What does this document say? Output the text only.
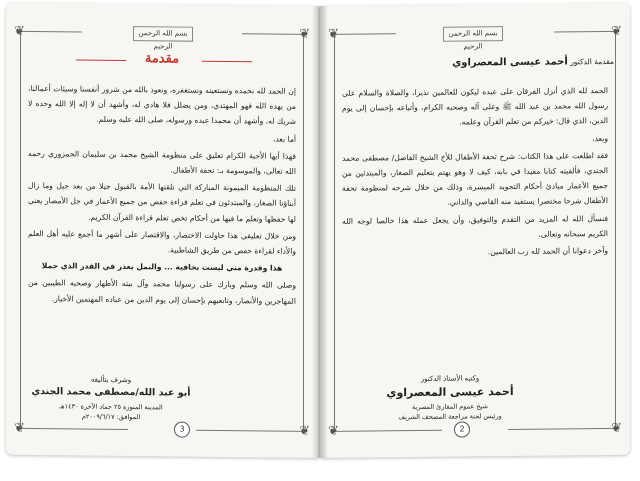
❦	❦
❦	❦
بسم الله الرحمن الرحيم
مقدمة

إن الحمد لله نحمده ونستعينه ونستغفره، ونعوذ بالله من شرور أنفسنا وسيئات أعمالنا، من يهده الله فهو المهتدي، ومن يضلل فلا هادي له، وأشهد أن لا إله إلا الله وحده لا شريك له، وأشهد أن محمدا عبده ورسوله، صلى الله عليه وسلم.

أما بعد،

فهذا أيها الأحبة الكرام تعليق على منظومة الشيخ محمد بن سليمان الجمزوري رحمه الله تعالى، والموسومة بـ: تحفة الأطفال.

تلك المنظومة الميمونة المباركة التي تلقتها الأمة بالقبول جيلا من بعد جيل وما زال أبناؤنا الصغار، والمبتدئون في تعلم قراءة حفص من جميع الأعمار في جل الأمصار يعني لها حفظها وتعلم ما فيها من أحكام تخص تعلم قراءة القرآن الكريم.

ومن خلال تعليقي هذا حاولت الاختصار، والاقتصار على أشهر ما أجمع عليه أهل العلم والأداء لقراءة حفص من طريق الشاطبية.

هذا وقدرة مني ليست بخافية ... والنمل يعذر في القدر الذي حملا

وصلى الله وسلم وبارك على رسولنا محمد وآل بيته الأطهار وصحبه الطيبين من المهاجرين والأنصار، وتابعيهم بإحسان إلى يوم الدين من عباده المهتمين الأخيار.

وشرف بتأليفه
أبو عبد الله/مصطفى محمد الجندي
المدينة المنورة ٢٥ جماد الآخرة ١٤٣٠هـ
الموافق: ٢٠٠٩/٦/١٧م
3
❦	❦
❦	❦
بسم الله الرحمن الرحيم
مقدمة الدكتور أحمد عيسى المعصراوي

الحمد لله الذي أنزل الفرقان على عبده ليكون للعالمين نذيرا، والصلاة والسلام على رسول الله محمد بن عبد الله ﷺ وعلى آله وصحبه الكرام، وأتباعه بإحسان إلى يوم الدين، الذي قال: خيركم من تعلم القرآن وعلمه.

وبعد،

فقد اطلعت على هذا الكتاب: شرح تحفة الأطفال للأخ الشيخ الفاضل/ مصطفى محمد الجندي، فألفيته كتابا مفيدا في بابه، كيف لا وهو يهتم بتعليم الصغار، والمبتدئين من جميع الأعمار مبادئ أحكام التجويد الميسرة، وذلك من خلال شرحه لمنظومة تحفة الأطفال شرحا مختصرا يستفيد منه القاصي والداني.

فنسأل الله له المزيد من التقدم والتوفيق، وأن يجعل عمله هذا خالصا لوجه الله الكريم سبحانه وتعالى.

وآخر دعوانا أن الحمد لله رب العالمين.

وكتبه الأستاذ الدكتور
أحمد عيسى المعصراوي
شيخ عموم المقارئ المصرية
ورئيس لجنة مراجعة المصحف الشريف
2
